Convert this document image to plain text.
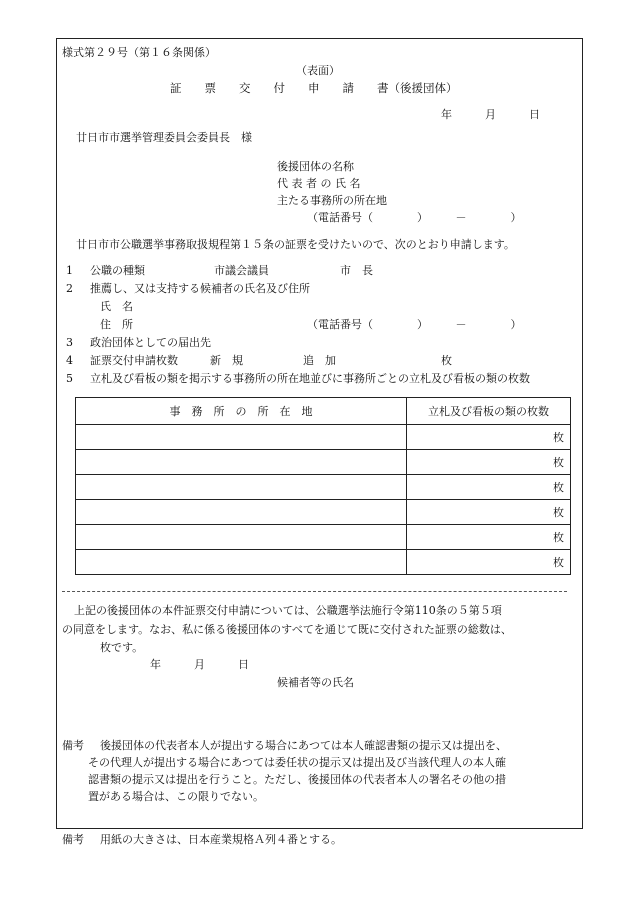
様式第２９号（第１６条関係）
（表面）
証　　票　　交　　付　　申　　請　　書（後援団体）
年　　　月　　　日
廿日市市選挙管理委員会委員長　様
後援団体の名称
代 表 者 の 氏 名
主たる事務所の所在地
（電話番号（　　　　）　　　－　　　　）
廿日市市公職選挙事務取扱規程第１５条の証票を受けたいので、次のとおり申請します。
1 公職の種類	市議会議員	市　長
2 推薦し、又は支持する候補者の氏名及び住所
氏　名
住　所	（電話番号（　　　　）　　　－　　　　）
3 政治団体としての届出先
4 証票交付申請枚数	新　規	追　加	枚
5 立札及び看板の類を掲示する事務所の所在地並びに事務所ごとの立札及び看板の類の枚数
事　務　所　の　所　在　地	立札及び看板の類の枚数
	枚
	枚
	枚
	枚
	枚
	枚
上記の後援団体の本件証票交付申請については、公職選挙法施行令第110条の５第５項
の同意をします。なお、私に係る後援団体のすべてを通じて既に交付された証票の総数は、
枚です。
年　　　月　　　日
候補者等の氏名
備考 後援団体の代表者本人が提出する場合にあつては本人確認書類の提示又は提出を、
その代理人が提出する場合にあつては委任状の提示又は提出及び当該代理人の本人確
認書類の提示又は提出を行うこと。ただし、後援団体の代表者本人の署名その他の措
置がある場合は、この限りでない。
備考 用紙の大きさは、日本産業規格Ａ列４番とする。
